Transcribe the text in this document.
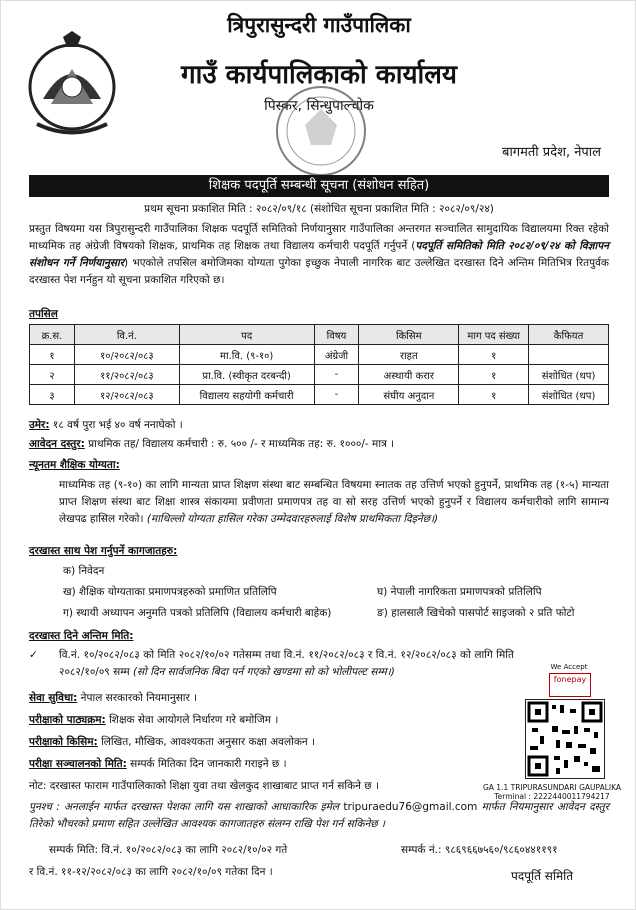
त्रिपुरासुन्दरी गाउँपालिका
गाउँ कार्यपालिकाको कार्यालय
पिस्कर, सिन्धुपाल्चोक
बागमती प्रदेश, नेपाल
शिक्षक पदपूर्ति सम्बन्धी सूचना (संशोधन सहित)
प्रथम सूचना प्रकाशित मिति : २०८२/०९/१८ (संशोधित सूचना प्रकाशित मिति : २०८२/०९/२४)
प्रस्तुत विषयमा यस त्रिपुरासुन्दरी गाउँपालिका शिक्षक पदपूर्ति समितिको निर्णयानुसार गाउँपालिका अन्तरगत सञ्चालित सामुदायिक विद्यालयमा रिक्त रहेको माध्यमिक तह अंग्रेजी विषयको शिक्षक, प्राथमिक तह शिक्षक तथा विद्यालय कर्मचारी पदपूर्ति गर्नुपर्ने (पदपूर्ति समितिको मिति २०८२/०९/२४ को विज्ञापन संशोधन गर्ने निर्णयानुसार) भएकोले तपसिल बमोजिमका योग्यता पुगेका इच्छुक नेपाली नागरिक बाट उल्लेखित दरखास्त दिने अन्तिम मितिभित्र रितपुर्वक दरखास्त पेश गर्नहुन यो सूचना प्रकाशित गरिएको छ।
तपसिल
क्र.स.	वि.नं.	पद	विषय	किसिम	माग पद संख्या	कैफियत
१	१०/२०८२/०८३	मा.वि. (९-१०)	अंग्रेजी	राहत	१	
२	११/२०८२/०८३	प्रा.वि. (स्वीकृत दरबन्दी)	-	अस्थायी करार	१	संशोधित (थप)
३	१२/२०८२/०८३	विद्यालय सहयोगी कर्मचारी	-	संघीय अनुदान	१	संशोधित (थप)
उमेर: १८ वर्ष पुरा भई ४० वर्ष ननाघेको ।
आवेदन दस्तुर: प्राथमिक तह/ विद्यालय कर्मचारी : रु. ५०० /- र माध्यमिक तह: रु. १०००/- मात्र ।
न्यूनतम शैक्षिक योग्यता:
माध्यमिक तह (९-१०) का लागि मान्यता प्राप्त शिक्षण संस्था बाट सम्बन्धित विषयमा स्नातक तह उत्तिर्ण भएको हुनुपर्ने, प्राथमिक तह (१-५) मान्यता प्राप्त शिक्षण संस्था बाट शिक्षा शास्त्र संकायमा प्रवीणता प्रमाणपत्र तह वा सो सरह उत्तिर्ण भएको हुनुपर्ने र विद्यालय कर्मचारीको लागि सामान्य लेखपढ हासिल गरेको। (माथिल्लो योग्यता हासिल गरेका उम्मेदवारहरुलाई विशेष प्राथमिकता दिइनेछ।)
दरखास्त साथ पेश गर्नुपर्ने कागजातहरु:
क) निवेदन
ख) शैक्षिक योग्यताका प्रमाणपत्रहरुको प्रमाणित प्रतिलिपि	घ) नेपाली नागरिकता प्रमाणपत्रको प्रतिलिपि
ग) स्थायी अध्यापन अनुमति पत्रको प्रतिलिपि (विद्यालय कर्मचारी बाहेक)	ङ) हालसालै खिचेको पासपोर्ट साइजको २ प्रति फोटो
दरखास्त दिने अन्तिम मिति:
✓ वि.नं. १०/२०८२/०८३ को मिति २०८२/१०/०२ गतेसम्म तथा वि.नं. ११/२०८२/०८३ र वि.नं. १२/२०८२/०८३ को लागि मिति २०८२/१०/०९ सम्म (सो दिन सार्वजनिक बिदा पर्न गएको खण्डमा सो को भोलीपल्ट सम्म।)
सेवा सुविधा: नेपाल सरकारको नियमानुसार ।
परीक्षाको पाठ्यक्रम: शिक्षक सेवा आयोगले निर्धारण गरे बमोजिम ।
परीक्षाको किसिम: लिखित, मौखिक, आवश्यकता अनुसार कक्षा अवलोकन ।
परीक्षा सञ्चालनको मिति: सम्पर्क मितिका दिन जानकारी गराइने छ ।
नोट: दरखास्त फाराम गाउँपालिकाको शिक्षा युवा तथा खेलकुद शाखाबाट प्राप्त गर्न सकिने छ ।
We Accept
fonepay
GA 1.1 TRIPURASUNDARI GAUPALIKA
Terminal : 2222440011794217
पुनश्च : अनलाईन मार्फत दरखास्त पेशका लागि यस शाखाको आधाकारिक इमेल tripuraedu76@gmail.com मार्फत नियमानुसार आवेदन दस्तुर तिरेको भौचरको प्रमाण सहित उल्लेखित आवश्यक कागजातहरु संलग्न राखि पेश गर्न सकिनेछ ।
सम्पर्क मिति: वि.नं. १०/२०८२/०८३ का लागि २०८२/१०/०२ गते
र वि.नं. ११-१२/२०८२/०८३ का लागि २०८२/१०/०९ गतेका दिन ।
सम्पर्क नं.: ९८६९६६७५६०/९८६०४४११९१
पदपूर्ति समिति
